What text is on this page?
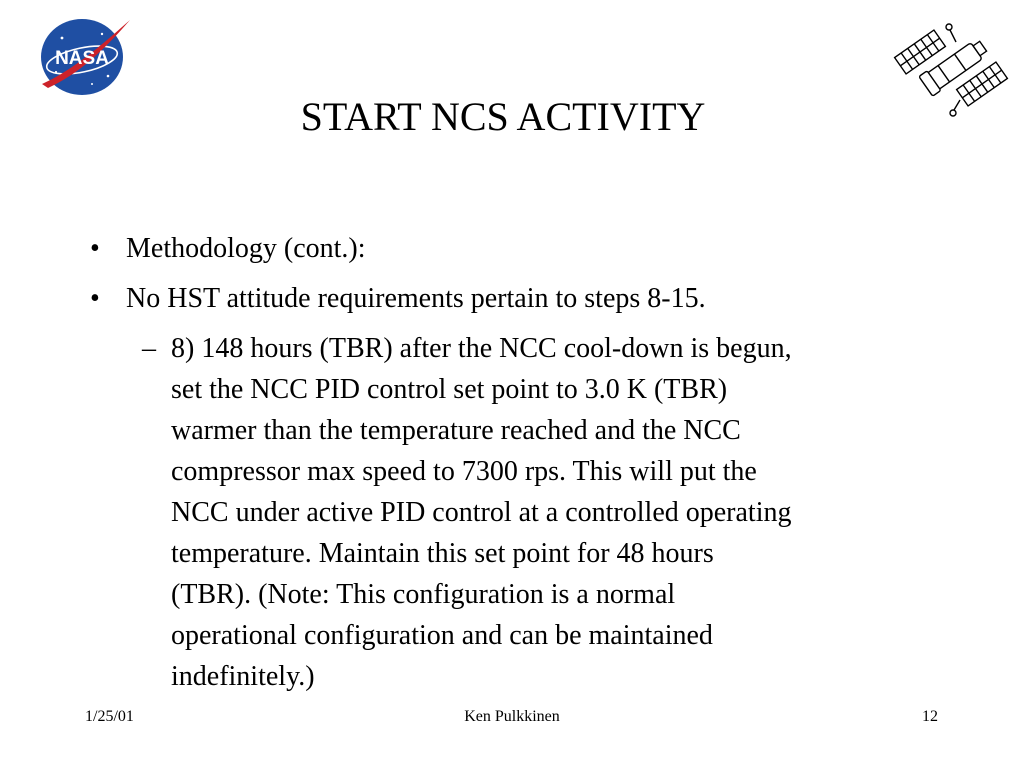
NASA
START NCS ACTIVITY
• Methodology (cont.):
• No HST attitude requirements pertain to steps 8-15.
– 8) 148 hours (TBR) after the NCC cool-down is begun,
set the NCC PID control set point to 3.0 K (TBR)
warmer than the temperature reached and the NCC
compressor max speed to 7300 rps. This will put the
NCC under active PID control at a controlled operating
temperature. Maintain this set point for 48 hours
(TBR). (Note: This configuration is a normal
operational configuration and can be maintained
indefinitely.)
1/25/01	Ken Pulkkinen	12
